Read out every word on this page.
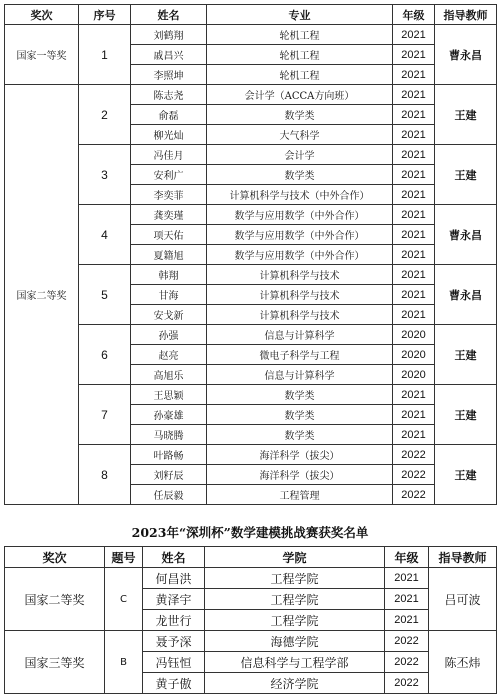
奖次	序号	姓名	专业	年级	指导教师
国家一等奖	1	刘鹤翔	轮机工程	2021	曹永昌
		戚昌兴	轮机工程	2021	
		李照坤	轮机工程	2021	
国家二等奖	2	陈志尧	会计学（ACCA方向班）	2021	王建
		俞磊	数学类	2021	
		柳光灿	大气科学	2021	
	3	冯佳月	会计学	2021	王建
		安利广	数学类	2021	
		李奕菲	计算机科学与技术（中外合作）	2021	
	4	龚奕瑾	数学与应用数学（中外合作）	2021	曹永昌
		项天佑	数学与应用数学（中外合作）	2021	
		夏籍旭	数学与应用数学（中外合作）	2021	
	5	韩翔	计算机科学与技术	2021	曹永昌
		甘海	计算机科学与技术	2021	
		安戈新	计算机科学与技术	2021	
	6	孙强	信息与计算科学	2020	王建
		赵亮	微电子科学与工程	2020	
		高旭乐	信息与计算科学	2020	
	7	王思颖	数学类	2021	王建
		孙豪雄	数学类	2021	
		马晓腾	数学类	2021	
	8	叶路畅	海洋科学（拔尖）	2022	王建
		刘籽辰	海洋科学（拔尖）	2022	
		任辰毅	工程管理	2022	
2023年“深圳杯”数学建模挑战赛获奖名单
奖次	题号	姓名	学院	年级	指导教师
国家二等奖	C	何昌洪	工程学院	2021	吕可波
		黄泽宇	工程学院	2021	
		龙世行	工程学院	2021	
国家三等奖	B	聂予深	海德学院	2022	陈丕炜
		冯钰恒	信息科学与工程学部	2022	
		黄子傲	经济学院	2022	
